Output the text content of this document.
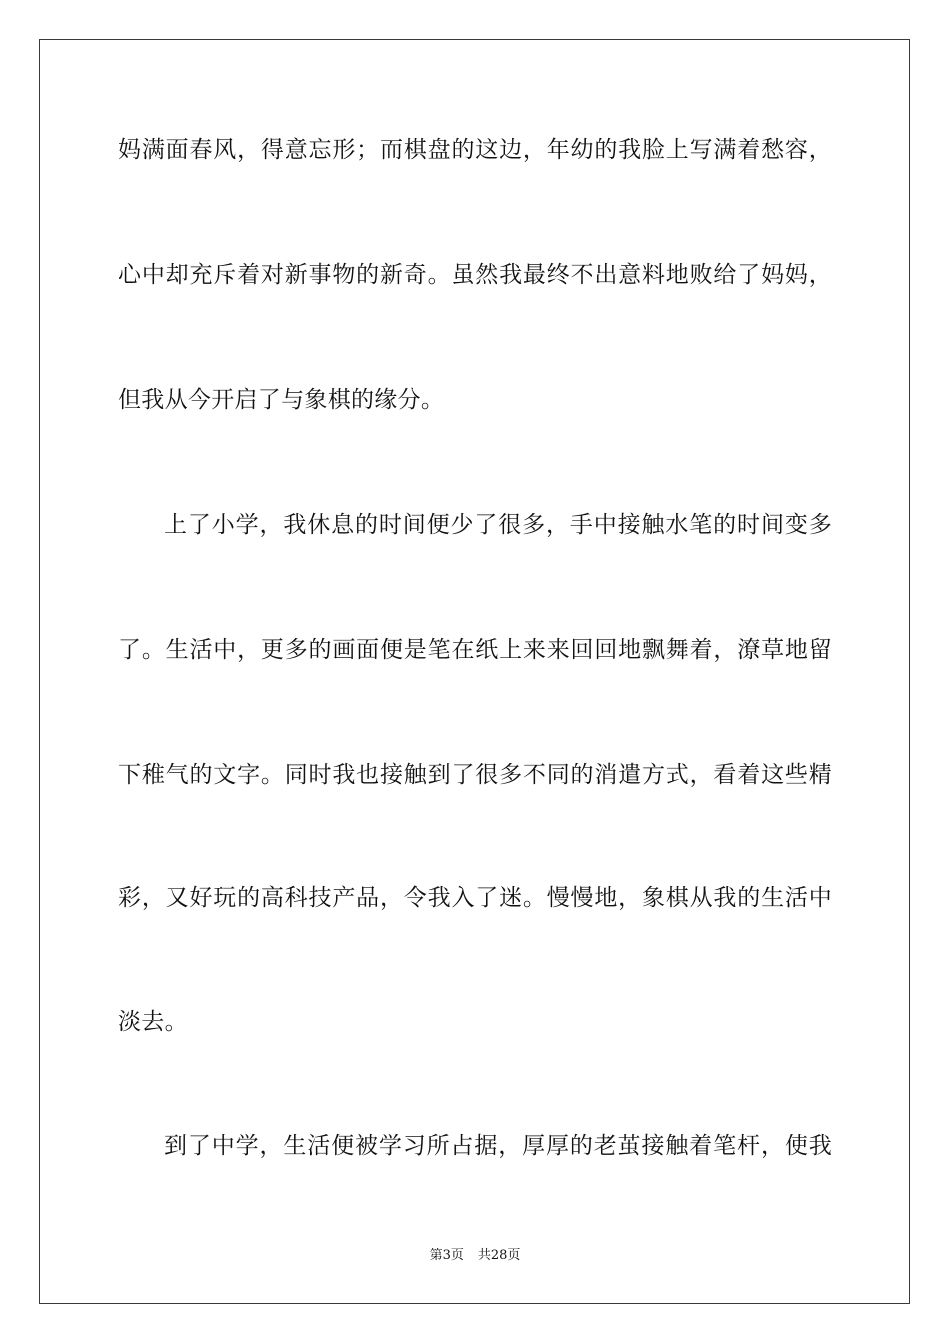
妈满面春风，得意忘形；而棋盘的这边，年幼的我脸上写满着愁容，
心中却充斥着对新事物的新奇。虽然我最终不出意料地败给了妈妈，
但我从今开启了与象棋的缘分。
上了小学，我休息的时间便少了很多，手中接触水笔的时间变多
了。生活中，更多的画面便是笔在纸上来来回回地飘舞着，潦草地留
下稚气的文字。同时我也接触到了很多不同的消遣方式，看着这些精
彩，又好玩的高科技产品，令我入了迷。慢慢地，象棋从我的生活中
淡去。
到了中学，生活便被学习所占据，厚厚的老茧接触着笔杆，使我
第3页 共28页
